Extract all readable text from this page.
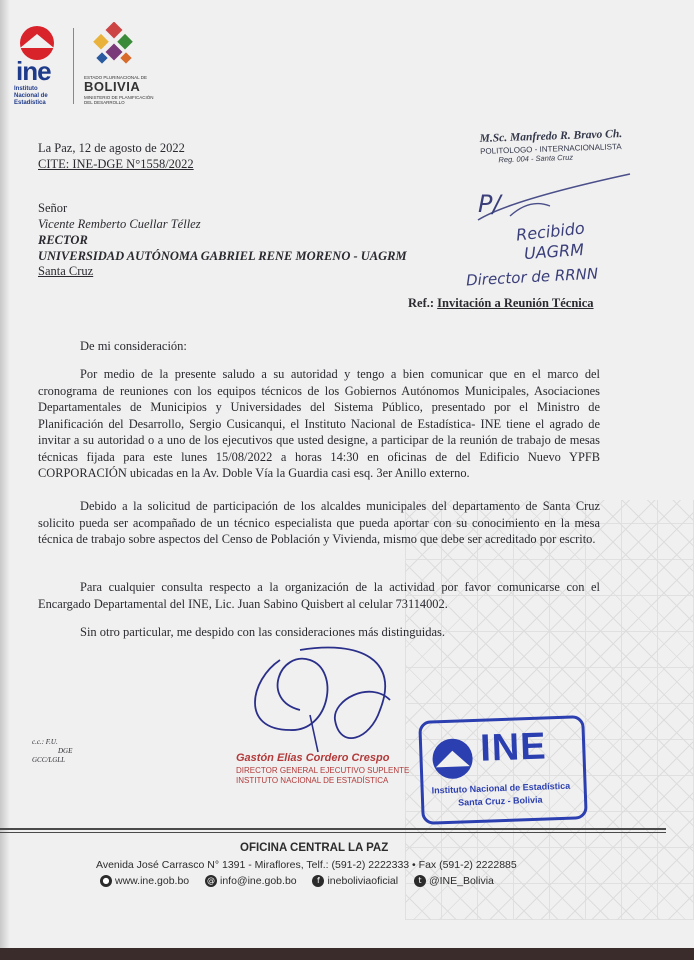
ine
Instituto Nacional de Estadística
ESTADO PLURINACIONAL DE
BOLIVIA
MINISTERIO DE PLANIFICACIÓN DEL DESARROLLO
La Paz, 12 de agosto de 2022
CITE: INE-DGE N°1558/2022
M.Sc. Manfredo R. Bravo Ch.
POLITOLOGO - INTERNACIONALISTA
Reg. 004 - Santa Cruz
Señor
Vicente Remberto Cuellar Téllez
RECTOR
UNIVERSIDAD AUTÓNOMA GABRIEL RENE MORENO - UAGRM
Santa Cruz
P/
Recibido
UAGRM
Director de RRNN
Ref.: Invitación a Reunión Técnica
De mi consideración:
Por medio de la presente saludo a su autoridad y tengo a bien comunicar que en el marco del cronograma de reuniones con los equipos técnicos de los Gobiernos Autónomos Municipales, Asociaciones Departamentales de Municipios y Universidades del Sistema Público, presentado por el Ministro de Planificación del Desarrollo, Sergio Cusicanqui, el Instituto Nacional de Estadística- INE tiene el agrado de invitar a su autoridad o a uno de los ejecutivos que usted designe, a participar de la reunión de trabajo de mesas técnicas fijada para este lunes 15/08/2022 a horas 14:30 en oficinas de del Edificio Nuevo YPFB CORPORACIÓN ubicadas en la Av. Doble Vía la Guardia casi esq. 3er Anillo externo.
Debido a la solicitud de participación de los alcaldes municipales del departamento de Santa Cruz solicito pueda ser acompañado de un técnico especialista que pueda aportar con su conocimiento en la mesa técnica de trabajo sobre aspectos del Censo de Población y Vivienda, mismo que debe ser acreditado por escrito.
Para cualquier consulta respecto a la organización de la actividad por favor comunicarse con el Encargado Departamental del INE, Lic. Juan Sabino Quisbert al celular 73114002.
Sin otro particular, me despido con las consideraciones más distinguidas.
Gastón Elías Cordero Crespo
DIRECTOR GENERAL EJECUTIVO SUPLENTE
INSTITUTO NACIONAL DE ESTADÍSTICA
c.c.: F.U.
DGE
GCC/LGLL	INE
Instituto Nacional de Estadística
Santa Cruz - Bolivia
OFICINA CENTRAL LA PAZ
Avenida José Carrasco N° 1391 - Miraflores, Telf.: (591-2) 2222333 • Fax (591-2) 2222885
● www.ine.gob.bo @ info@ine.gob.bo	f ineboliviaoficial	t @INE_Bolivia
